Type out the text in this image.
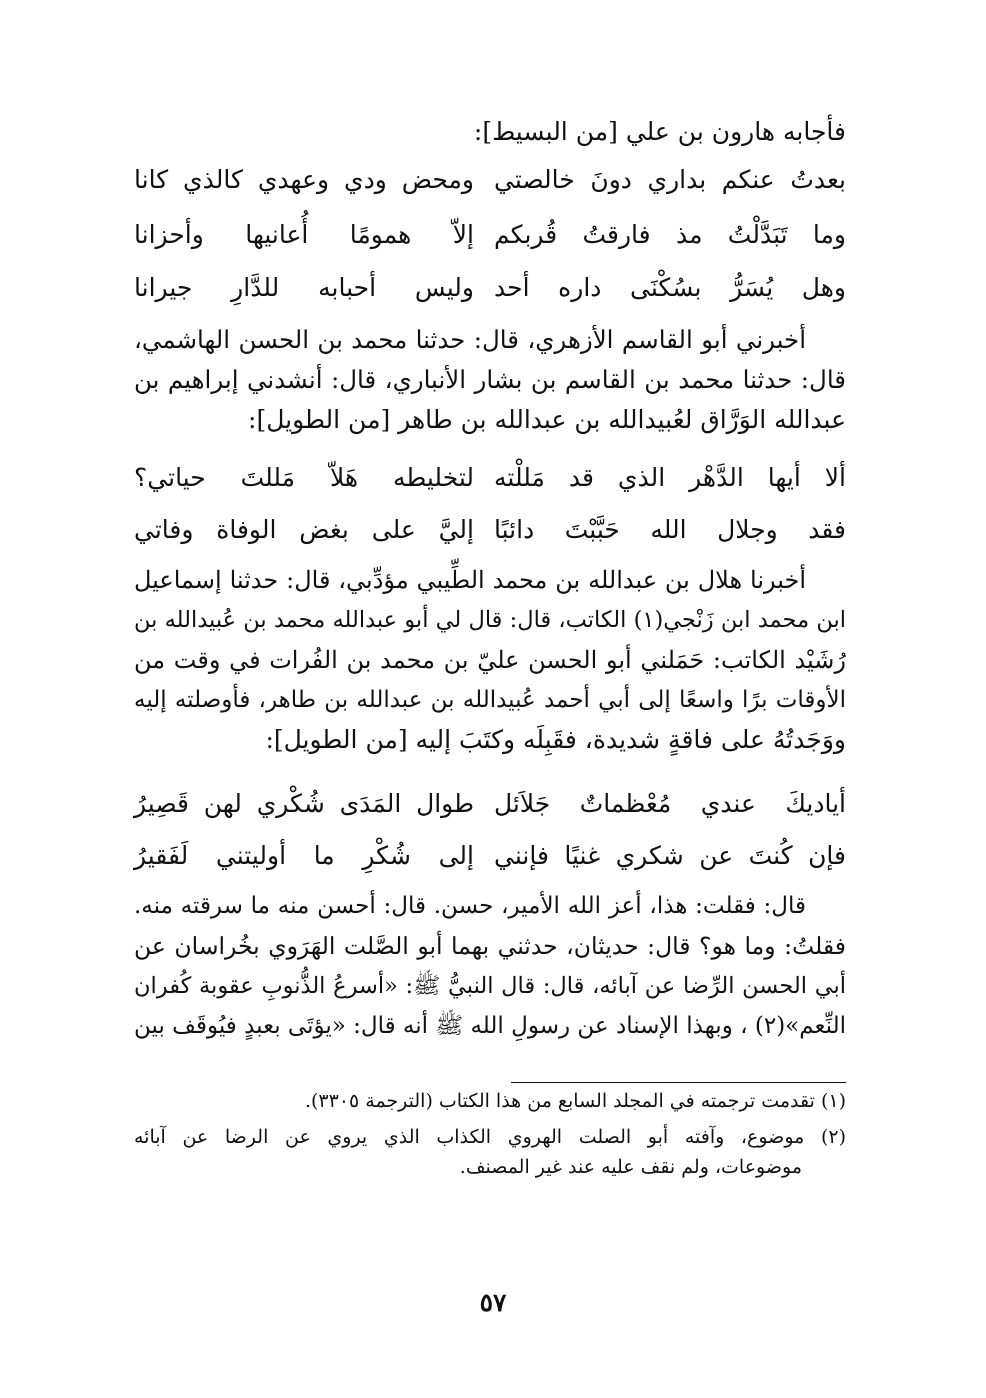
فأجابه هارون بن علي [من البسيط]:

بعدتُ عنكم بداري دونَ خالصتي
ومحض ودي وعهدي كالذي كانا
وما تَبَدَّلْتُ مذ فارقتُ قُربكم
إلاّ همومًا أُعانيها وأحزانا
وهل يُسَرُّ بسُكْنَى داره أحد
وليس أحبابه للدَّارِ جيرانا
أخبرني أبو القاسم الأزهري، قال: حدثنا محمد بن الحسن الهاشمي،
قال: حدثنا محمد بن القاسم بن بشار الأنباري، قال: أنشدني إبراهيم بن
عبدالله الوَرَّاق لعُبيدالله بن عبدالله بن طاهر [من الطويل]:
ألا أيها الدَّهْر الذي قد مَللْته
لتخليطه هَلاّ مَللتَ حياتي؟
فقد وجلال الله حَبَّبْتَ دائبًا
إليَّ على بغض الوفاة وفاتي
أخبرنا هلال بن عبدالله بن محمد الطِّيبي مؤدِّبي، قال: حدثنا إسماعيل
ابن محمد ابن زَنْجي(١) الكاتب، قال: قال لي أبو عبدالله محمد بن عُبيدالله بن
رُشَيْد الكاتب: حَمَلني أبو الحسن عليّ بن محمد بن الفُرات في وقت من
الأوقات برًا واسعًا إلى أبي أحمد عُبيدالله بن عبدالله بن طاهر، فأوصلته إليه
ووَجَدتُهُ على فاقةٍ شديدة، فقَبِلَه وكتَبَ إليه [من الطويل]:
أياديكَ عندي مُعْظماتٌ جَلاَئل
طوال المَدَى شُكْري لهن قَصِيرُ
فإن كُنتَ عن شكري غنيًا فإنني
إلى شُكْرِ ما أوليتني لَفَقيرُ
قال: فقلت: هذا، أعز الله الأمير، حسن. قال: أحسن منه ما سرقته منه.
فقلتُ: وما هو؟ قال: حديثان، حدثني بهما أبو الصَّلت الهَرَوي بخُراسان عن
أبي الحسن الرِّضا عن آبائه، قال: قال النبيُّ ﷺ: «أسرعُ الذُّنوبِ عقوبة كُفران
النِّعم»(٢) ، وبهذا الإسناد عن رسولِ الله ﷺ أنه قال: «يؤتَى بعبدٍ فيُوقَف بين
(١) تقدمت ترجمته في المجلد السابع من هذا الكتاب (الترجمة ٣٣٠٥).
(٢) موضوع، وآفته أبو الصلت الهروي الكذاب الذي يروي عن الرضا عن آبائه
موضوعات، ولم نقف عليه عند غير المصنف.
٥٧
